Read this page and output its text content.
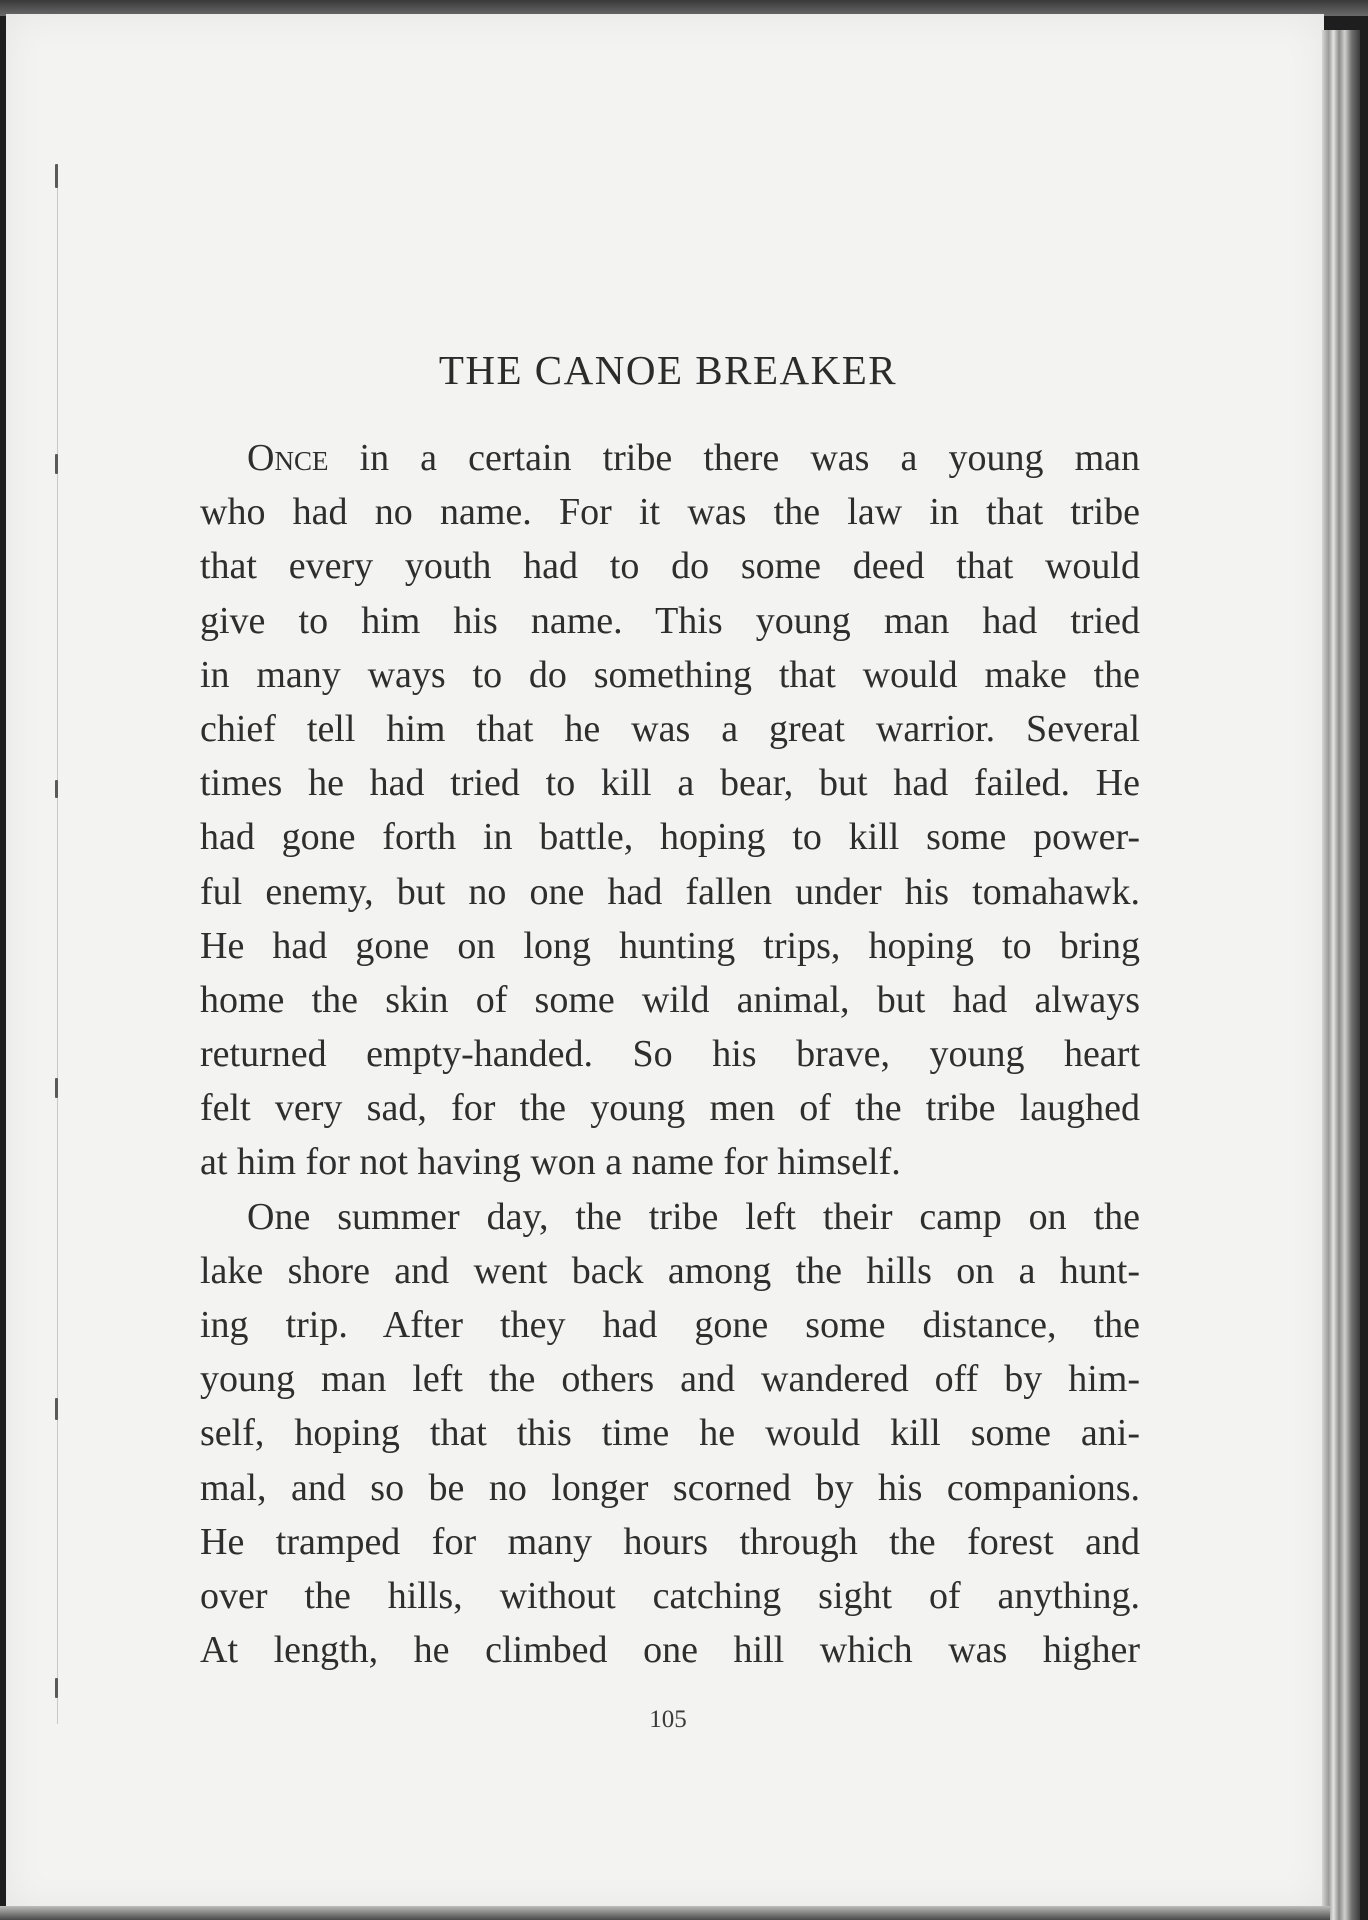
THE CANOE BREAKER
Once in a certain tribe there was a young man
who had no name. For it was the law in that tribe
that every youth had to do some deed that would
give to him his name. This young man had tried
in many ways to do something that would make the
chief tell him that he was a great warrior. Several
times he had tried to kill a bear, but had failed. He
had gone forth in battle, hoping to kill some power-
ful enemy, but no one had fallen under his tomahawk.
He had gone on long hunting trips, hoping to bring
home the skin of some wild animal, but had always
returned empty-handed. So his brave, young heart
felt very sad, for the young men of the tribe laughed
at him for not having won a name for himself.
One summer day, the tribe left their camp on the
lake shore and went back among the hills on a hunt-
ing trip. After they had gone some distance, the
young man left the others and wandered off by him-
self, hoping that this time he would kill some ani-
mal, and so be no longer scorned by his companions.
He tramped for many hours through the forest and
over the hills, without catching sight of anything.
At length, he climbed one hill which was higher
105
